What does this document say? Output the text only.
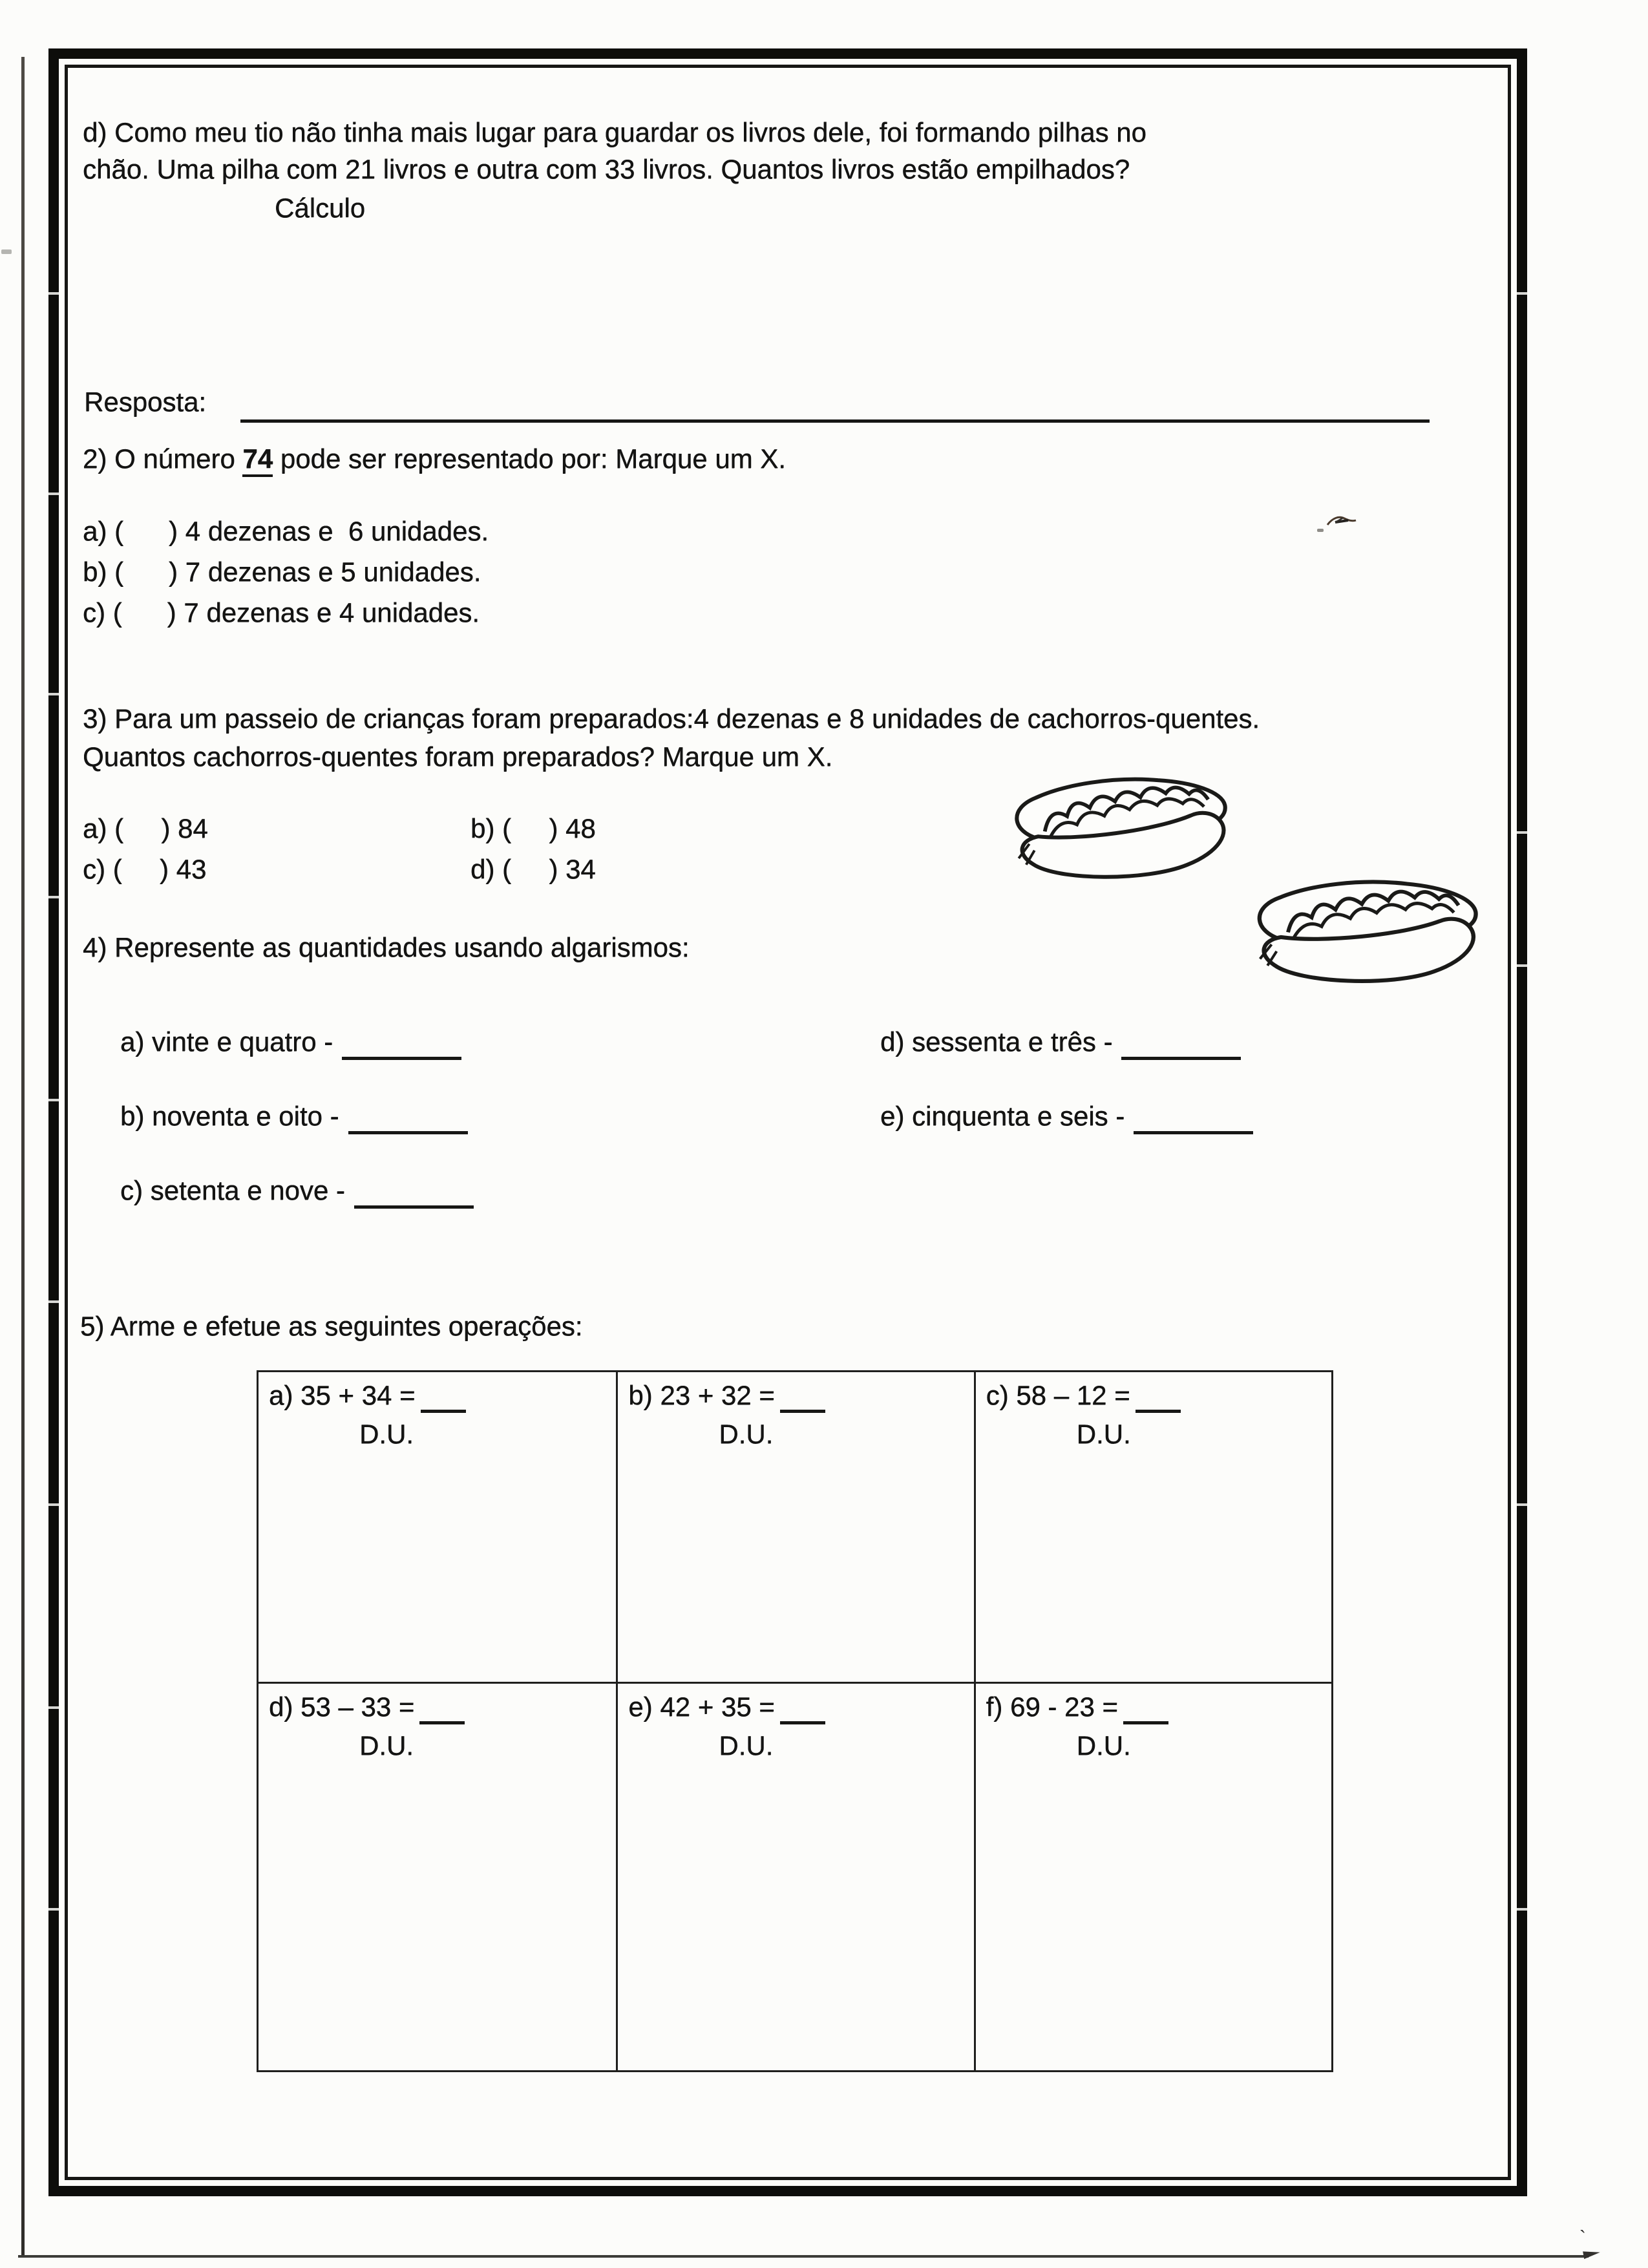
`
d) Como meu tio não tinha mais lugar para guardar os livros dele, foi formando pilhas no
chão. Uma pilha com 21 livros e outra com 33 livros. Quantos livros estão empilhados?
Cálculo
Resposta:
2) O número 74 pode ser representado por: Marque um X.
a) (      ) 4 dezenas e  6 unidades.
b) (      ) 7 dezenas e 5 unidades.
c) (      ) 7 dezenas e 4 unidades.
3) Para um passeio de crianças foram preparados:4 dezenas e 8 unidades de cachorros-quentes.
Quantos cachorros-quentes foram preparados? Marque um X.
a) (     ) 84	b) (     ) 48
c) (     ) 43	d) (     ) 34
4) Represente as quantidades usando algarismos:
a) vinte e quatro -
b) noventa e oito -
c) setenta e nove -
d) sessenta e três -
e) cinquenta e seis -
5) Arme e efetue as seguintes operações:
a) 35 + 34 =
D.U.
b) 23 + 32 =
D.U.
c) 58 – 12 =
D.U.
d) 53 – 33 =
D.U.
e) 42 + 35 =
D.U.
f) 69 - 23 =
D.U.
